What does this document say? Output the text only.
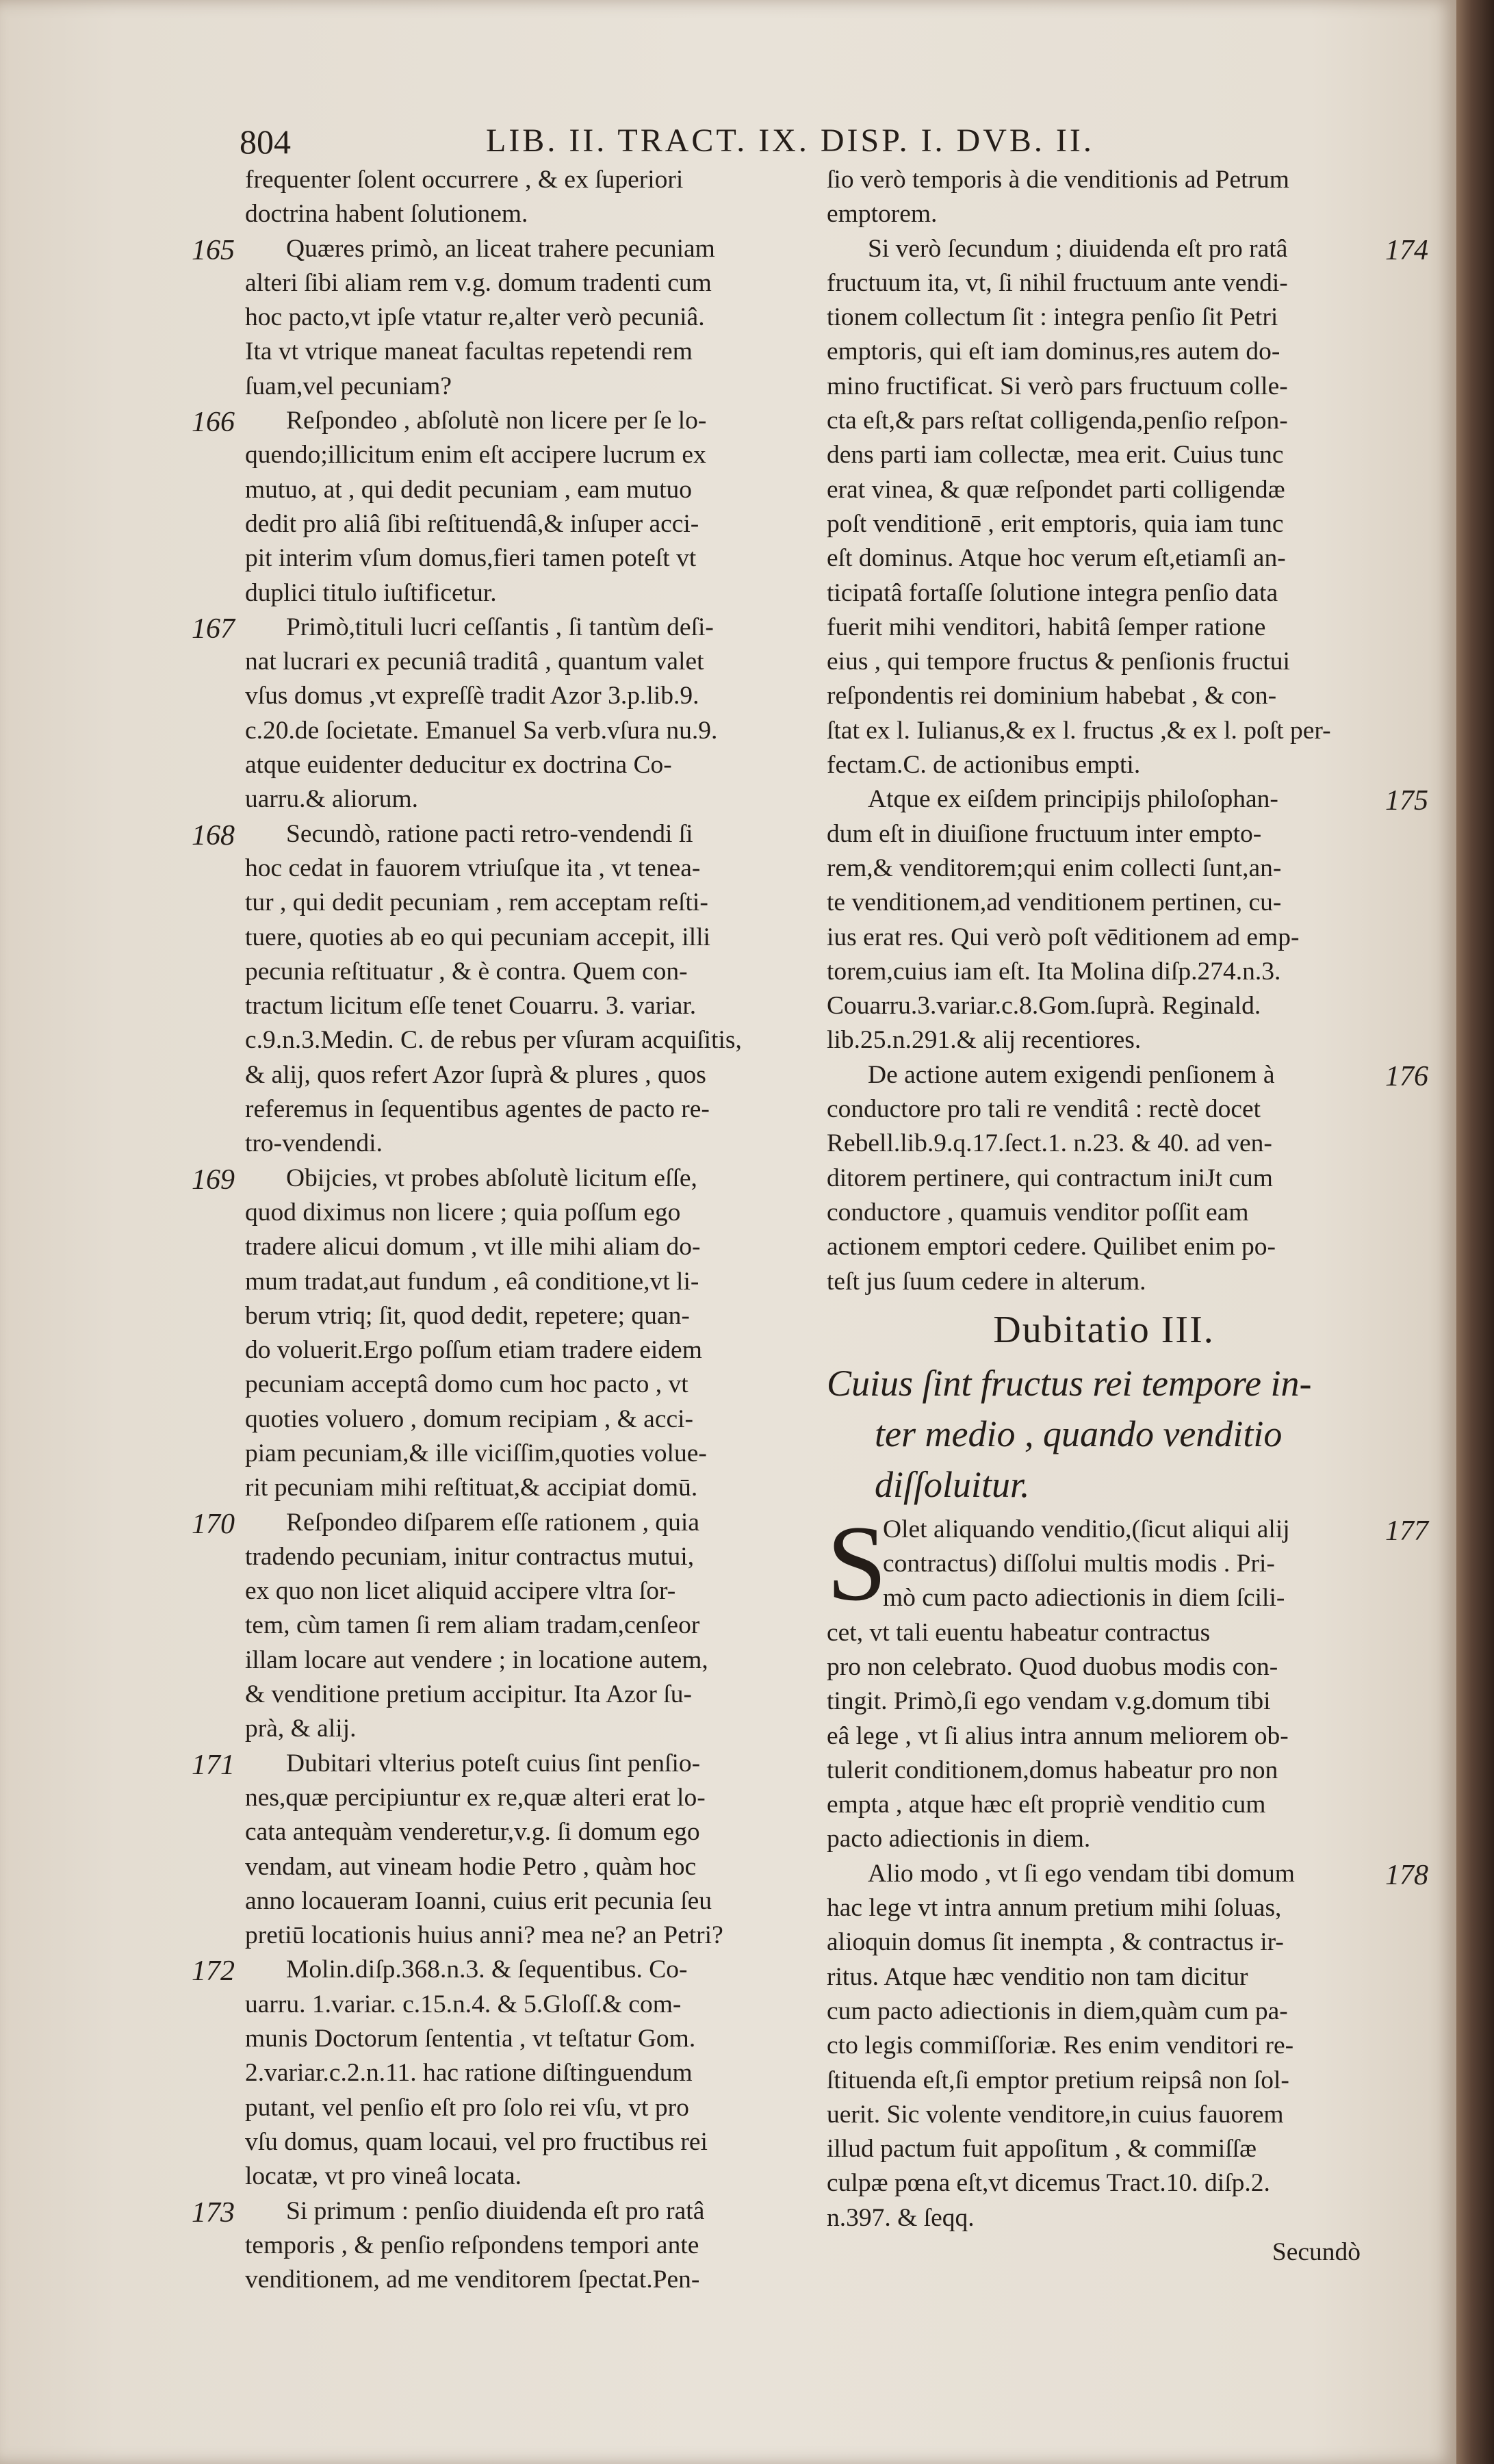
804	LIB. II. TRACT. IX. DISP. I. DVB. II.
frequenter ſolent occurrere , & ex ſuperiori
doctrina habent ſolutionem.
165	Quæres primò, an liceat trahere pecuniam
alteri ſibi aliam rem v.g. domum tradenti cum
hoc pacto,vt ipſe vtatur re,alter verò pecuniâ.
Ita vt vtrique maneat facultas repetendi rem
ſuam,vel pecuniam?
166	Reſpondeo , abſolutè non licere per ſe lo-
quendo;illicitum enim eſt accipere lucrum ex
mutuo, at , qui dedit pecuniam , eam mutuo
dedit pro aliâ ſibi reſtituendâ,& inſuper acci-
pit interim vſum domus,fieri tamen poteſt vt
duplici titulo iuſtificetur.
167	Primò,tituli lucri ceſſantis , ſi tantùm deſi-
nat lucrari ex pecuniâ traditâ , quantum valet
vſus domus ,vt expreſſè tradit Azor 3.p.lib.9.
c.20.de ſocietate. Emanuel Sa verb.vſura nu.9.
atque euidenter deducitur ex doctrina Co-
uarru.& aliorum.
168	Secundò, ratione pacti retro-vendendi ſi
hoc cedat in fauorem vtriuſque ita , vt tenea-
tur , qui dedit pecuniam , rem acceptam reſti-
tuere, quoties ab eo qui pecuniam accepit, illi
pecunia reſtituatur , & è contra. Quem con-
tractum licitum eſſe tenet Couarru. 3. variar.
c.9.n.3.Medin. C. de rebus per vſuram acquiſitis,
& alij, quos refert Azor ſuprà & plures , quos
referemus in ſequentibus agentes de pacto re-
tro-vendendi.
169	Obijcies, vt probes abſolutè licitum eſſe,
quod diximus non licere ; quia poſſum ego
tradere alicui domum , vt ille mihi aliam do-
mum tradat,aut fundum , eâ conditione,vt li-
berum vtriq; ſit, quod dedit, repetere; quan-
do voluerit.Ergo poſſum etiam tradere eidem
pecuniam acceptâ domo cum hoc pacto , vt
quoties voluero , domum recipiam , & acci-
piam pecuniam,& ille viciſſim,quoties volue-
rit pecuniam mihi reſtituat,& accipiat domū.
170	Reſpondeo diſparem eſſe rationem , quia
tradendo pecuniam, initur contractus mutui,
ex quo non licet aliquid accipere vltra ſor-
tem, cùm tamen ſi rem aliam tradam,cenſeor
illam locare aut vendere ; in locatione autem,
& venditione pretium accipitur. Ita Azor ſu-
prà, & alij.
171	Dubitari vlterius poteſt cuius ſint penſio-
nes,quæ percipiuntur ex re,quæ alteri erat lo-
cata antequàm venderetur,v.g. ſi domum ego
vendam, aut vineam hodie Petro , quàm hoc
anno locaueram Ioanni, cuius erit pecunia ſeu
pretiū locationis huius anni? mea ne? an Petri?
172	Molin.diſp.368.n.3. & ſequentibus. Co-
uarru. 1.variar. c.15.n.4. & 5.Gloſſ.& com-
munis Doctorum ſententia , vt teſtatur Gom.
2.variar.c.2.n.11. hac ratione diſtinguendum
putant, vel penſio eſt pro ſolo rei vſu, vt pro
vſu domus, quam locaui, vel pro fructibus rei
locatæ, vt pro vineâ locata.
173	Si primum : penſio diuidenda eſt pro ratâ
temporis , & penſio reſpondens tempori ante
venditionem, ad me venditorem ſpectat.Pen-
ſio verò temporis à die venditionis ad Petrum
emptorem.
174
Si verò ſecundum ; diuidenda eſt pro ratâ
fructuum ita, vt, ſi nihil fructuum ante vendi-
tionem collectum ſit : integra penſio ſit Petri
emptoris, qui eſt iam dominus,res autem do-
mino fructificat. Si verò pars fructuum colle-
cta eſt,& pars reſtat colligenda,penſio reſpon-
dens parti iam collectæ, mea erit. Cuius tunc
erat vinea, & quæ reſpondet parti colligendæ
poſt venditionē , erit emptoris, quia iam tunc
eſt dominus. Atque hoc verum eſt,etiamſi an-
ticipatâ fortaſſe ſolutione integra penſio data
fuerit mihi venditori, habitâ ſemper ratione
eius , qui tempore fructus & penſionis fructui
reſpondentis rei dominium habebat , & con-
ſtat ex l. Iulianus,& ex l. fructus ,& ex l. poſt per-
fectam.C. de actionibus empti.
175
Atque ex eiſdem principijs philoſophan-
dum eſt in diuiſione fructuum inter empto-
rem,& venditorem;qui enim collecti ſunt,an-
te venditionem,ad venditionem pertinen, cu-
ius erat res. Qui verò poſt vēditionem ad emp-
torem,cuius iam eſt. Ita Molina diſp.274.n.3.
Couarru.3.variar.c.8.Gom.ſuprà. Reginald.
lib.25.n.291.& alij recentiores.
176
De actione autem exigendi penſionem à
conductore pro tali re venditâ : rectè docet
Rebell.lib.9.q.17.ſect.1. n.23. & 40. ad ven-
ditorem pertinere, qui contractum iniJt cum
conductore , quamuis venditor poſſit eam
actionem emptori cedere. Quilibet enim po-
teſt jus ſuum cedere in alterum.
Dubitatio III.
Cuius ſint fructus rei tempore in-
ter medio , quando venditio
diſſoluitur.
177
S
Olet aliquando venditio,(ſicut aliqui alij
contractus) diſſolui multis modis . Pri-
mò cum pacto adiectionis in diem ſcili-
cet, vt tali euentu habeatur contractus
pro non celebrato. Quod duobus modis con-
tingit. Primò,ſi ego vendam v.g.domum tibi
eâ lege , vt ſi alius intra annum meliorem ob-
tulerit conditionem,domus habeatur pro non
empta , atque hæc eſt propriè venditio cum
pacto adiectionis in diem.
178
Alio modo , vt ſi ego vendam tibi domum
hac lege vt intra annum pretium mihi ſoluas,
alioquin domus ſit inempta , & contractus ir-
ritus. Atque hæc venditio non tam dicitur
cum pacto adiectionis in diem,quàm cum pa-
cto legis commiſſoriæ. Res enim venditori re-
ſtituenda eſt,ſi emptor pretium reipsâ non ſol-
uerit. Sic volente venditore,in cuius fauorem
illud pactum fuit appoſitum , & commiſſæ
culpæ pœna eſt,vt dicemus Tract.10. diſp.2.
n.397. & ſeqq.
Secundò
